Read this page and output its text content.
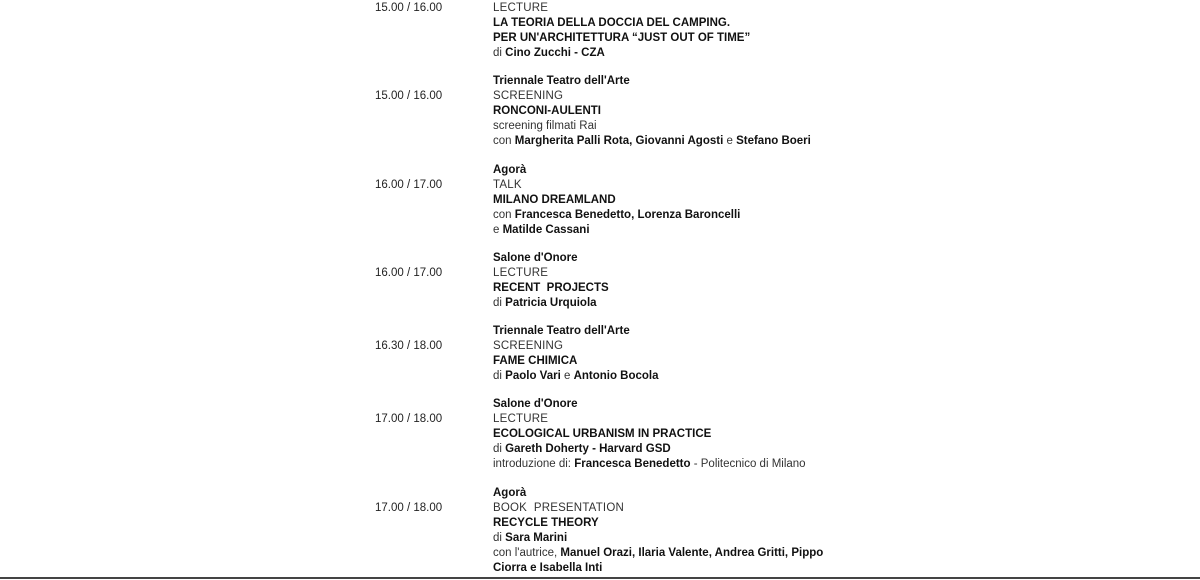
15.00 / 16.00	LECTURE
LA TEORIA DELLA DOCCIA DEL CAMPING.
PER UN'ARCHITETTURA “JUST OUT OF TIME”
di Cino Zucchi - CZA
15.00 / 16.00
Triennale Teatro dell'Arte
SCREENING
RONCONI-AULENTI
screening filmati Rai
con Margherita Palli Rota, Giovanni Agosti e Stefano Boeri
16.00 / 17.00
Agorà
TALK
MILANO DREAMLAND
con Francesca Benedetto, Lorenza Baroncelli
e Matilde Cassani
16.00 / 17.00
Salone d'Onore
LECTURE
RECENT  PROJECTS
di Patricia Urquiola
16.30 / 18.00
Triennale Teatro dell'Arte
SCREENING
FAME CHIMICA
di Paolo Vari e Antonio Bocola
17.00 / 18.00
Salone d'Onore
LECTURE
ECOLOGICAL URBANISM IN PRACTICE
di Gareth Doherty - Harvard GSD
introduzione di: Francesca Benedetto - Politecnico di Milano
17.00 / 18.00
Agorà
BOOK  PRESENTATION
RECYCLE THEORY
di Sara Marini
con l'autrice, Manuel Orazi, Ilaria Valente, Andrea Gritti, Pippo
Ciorra e Isabella Inti
